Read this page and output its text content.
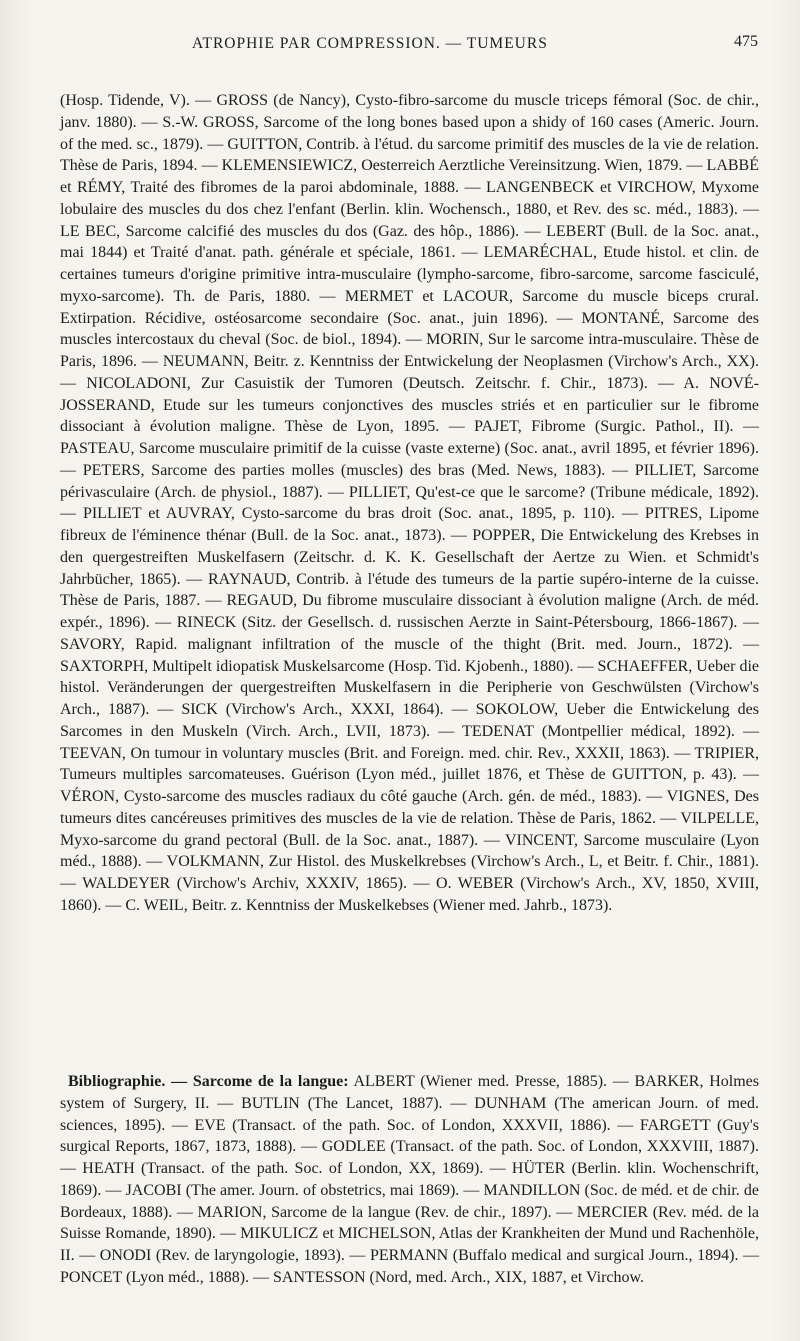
ATROPHIE PAR COMPRESSION. — TUMEURS	475

(Hosp. Tidende, V). — GROSS (de Nancy), Cysto-fibro-sarcome du muscle triceps fémoral (Soc. de chir., janv. 1880). — S.-W. GROSS, Sarcome of the long bones based upon a shidy of 160 cases (Americ. Journ. of the med. sc., 1879). — GUITTON, Contrib. à l'étud. du sarcome primitif des muscles de la vie de relation. Thèse de Paris, 1894. — KLEMENSIEWICZ, Oesterreich Aerztliche Vereinsitzung. Wien, 1879. — LABBÉ et RÉMY, Traité des fibromes de la paroi abdominale, 1888. — LANGENBECK et VIRCHOW, Myxome lobulaire des muscles du dos chez l'enfant (Berlin. klin. Wochensch., 1880, et Rev. des sc. méd., 1883). — LE BEC, Sarcome calcifié des muscles du dos (Gaz. des hôp., 1886). — LEBERT (Bull. de la Soc. anat., mai 1844) et Traité d'anat. path. générale et spéciale, 1861. — LEMARÉCHAL, Etude histol. et clin. de certaines tumeurs d'origine primitive intra-musculaire (lympho-sarcome, fibro-sarcome, sarcome fasciculé, myxo-sarcome). Th. de Paris, 1880. — MERMET et LACOUR, Sarcome du muscle biceps crural. Extirpation. Récidive, ostéosarcome secondaire (Soc. anat., juin 1896). — MONTANÉ, Sarcome des muscles intercostaux du cheval (Soc. de biol., 1894). — MORIN, Sur le sarcome intra-musculaire. Thèse de Paris, 1896. — NEUMANN, Beitr. z. Kenntniss der Entwickelung der Neoplasmen (Virchow's Arch., XX). — NICOLADONI, Zur Casuistik der Tumoren (Deutsch. Zeitschr. f. Chir., 1873). — A. NOVÉ-JOSSERAND, Etude sur les tumeurs conjonctives des muscles striés et en particulier sur le fibrome dissociant à évolution maligne. Thèse de Lyon, 1895. — PAJET, Fibrome (Surgic. Pathol., II). — PASTEAU, Sarcome musculaire primitif de la cuisse (vaste externe) (Soc. anat., avril 1895, et février 1896). — PETERS, Sarcome des parties molles (muscles) des bras (Med. News, 1883). — PILLIET, Sarcome périvasculaire (Arch. de physiol., 1887). — PILLIET, Qu'est-ce que le sarcome? (Tribune médicale, 1892). — PILLIET et AUVRAY, Cysto-sarcome du bras droit (Soc. anat., 1895, p. 110). — PITRES, Lipome fibreux de l'éminence thénar (Bull. de la Soc. anat., 1873). — POPPER, Die Entwickelung des Krebses in den quergestreiften Muskelfasern (Zeitschr. d. K. K. Gesellschaft der Aertze zu Wien. et Schmidt's Jahrbücher, 1865). — RAYNAUD, Contrib. à l'étude des tumeurs de la partie supéro-interne de la cuisse. Thèse de Paris, 1887. — REGAUD, Du fibrome musculaire dissociant à évolution maligne (Arch. de méd. expér., 1896). — RINECK (Sitz. der Gesellsch. d. russischen Aerzte in Saint-Pétersbourg, 1866-1867). — SAVORY, Rapid. malignant infiltration of the muscle of the thight (Brit. med. Journ., 1872). — SAXTORPH, Multipelt idiopatisk Muskelsarcome (Hosp. Tid. Kjobenh., 1880). — SCHAEFFER, Ueber die histol. Veränderungen der quergestreiften Muskelfasern in die Peripherie von Geschwülsten (Virchow's Arch., 1887). — SICK (Virchow's Arch., XXXI, 1864). — SOKOLOW, Ueber die Entwickelung des Sarcomes in den Muskeln (Virch. Arch., LVII, 1873). — TEDENAT (Montpellier médical, 1892). — TEEVAN, On tumour in voluntary muscles (Brit. and Foreign. med. chir. Rev., XXXII, 1863). — TRIPIER, Tumeurs multiples sarcomateuses. Guérison (Lyon méd., juillet 1876, et Thèse de GUITTON, p. 43). — VÉRON, Cysto-sarcome des muscles radiaux du côté gauche (Arch. gén. de méd., 1883). — VIGNES, Des tumeurs dites cancéreuses primitives des muscles de la vie de relation. Thèse de Paris, 1862. — VILPELLE, Myxo-sarcome du grand pectoral (Bull. de la Soc. anat., 1887). — VINCENT, Sarcome musculaire (Lyon méd., 1888). — VOLKMANN, Zur Histol. des Muskelkrebses (Virchow's Arch., L, et Beitr. f. Chir., 1881). — WALDEYER (Virchow's Archiv, XXXIV, 1865). — O. WEBER (Virchow's Arch., XV, 1850, XVIII, 1860). — C. WEIL, Beitr. z. Kenntniss der Muskelkebses (Wiener med. Jahrb., 1873).

Bibliographie. — Sarcome de la langue: ALBERT (Wiener med. Presse, 1885). — BARKER, Holmes system of Surgery, II. — BUTLIN (The Lancet, 1887). — DUNHAM (The american Journ. of med. sciences, 1895). — EVE (Transact. of the path. Soc. of London, XXXVII, 1886). — FARGETT (Guy's surgical Reports, 1867, 1873, 1888). — GODLEE (Transact. of the path. Soc. of London, XXXVIII, 1887). — HEATH (Transact. of the path. Soc. of London, XX, 1869). — HÜTER (Berlin. klin. Wochenschrift, 1869). — JACOBI (The amer. Journ. of obstetrics, mai 1869). — MANDILLON (Soc. de méd. et de chir. de Bordeaux, 1888). — MARION, Sarcome de la langue (Rev. de chir., 1897). — MERCIER (Rev. méd. de la Suisse Romande, 1890). — MIKULICZ et MICHELSON, Atlas der Krankheiten der Mund und Rachenhöle, II. — ONODI (Rev. de laryngologie, 1893). — PERMANN (Buffalo medical and surgical Journ., 1894). — PONCET (Lyon méd., 1888). — SANTESSON (Nord, med. Arch., XIX, 1887, et Virchow.
